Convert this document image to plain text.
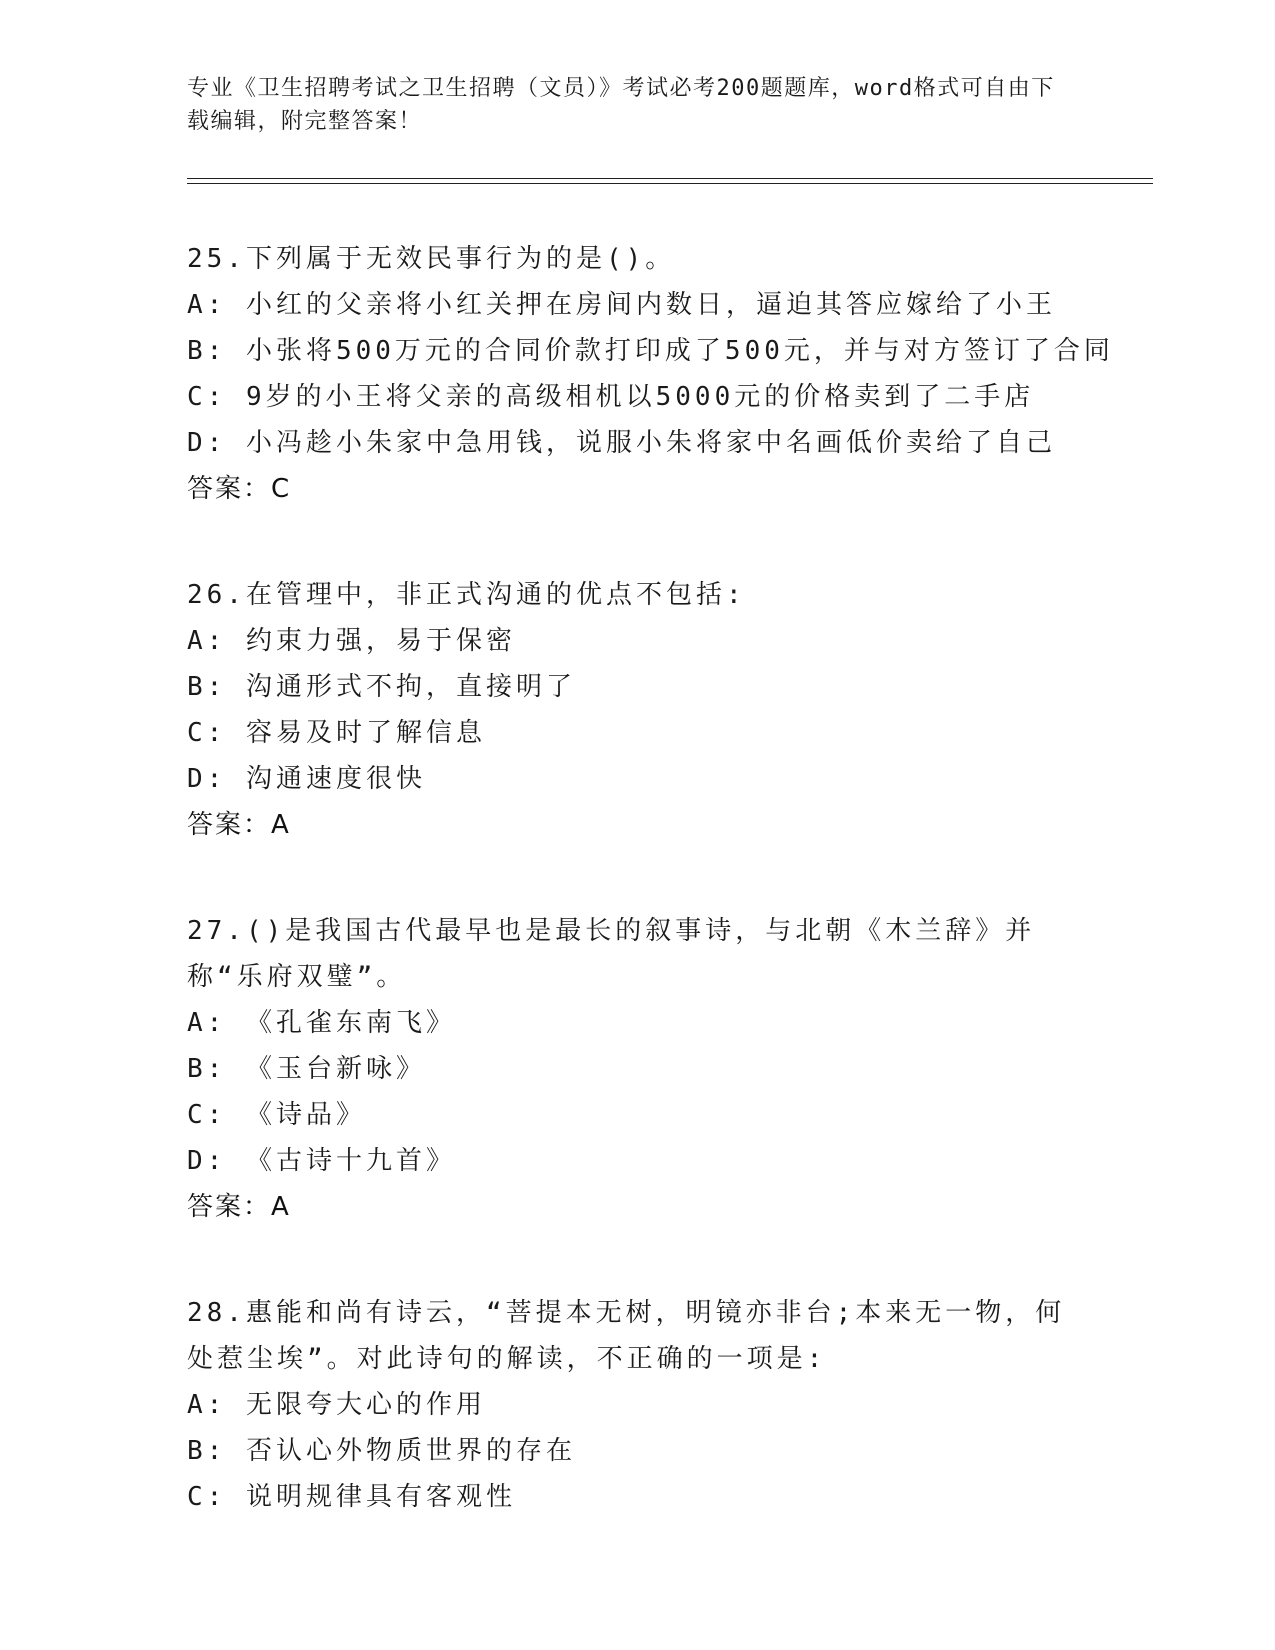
专业《卫生招聘考试之卫生招聘（文员）》考试必考200题题库，word格式可自由下载编辑，附完整答案！
25.下列属于无效民事行为的是()。
A: 小红的父亲将小红关押在房间内数日，逼迫其答应嫁给了小王
B: 小张将500万元的合同价款打印成了500元，并与对方签订了合同
C: 9岁的小王将父亲的高级相机以5000元的价格卖到了二手店
D: 小冯趁小朱家中急用钱，说服小朱将家中名画低价卖给了自己
答案：C
26.在管理中，非正式沟通的优点不包括:
A: 约束力强，易于保密
B: 沟通形式不拘，直接明了
C: 容易及时了解信息
D: 沟通速度很快
答案：A
27.()是我国古代最早也是最长的叙事诗，与北朝《木兰辞》并称“乐府双璧”。
A: 《孔雀东南飞》
B: 《玉台新咏》
C: 《诗品》
D: 《古诗十九首》
答案：A
28.惠能和尚有诗云，“菩提本无树，明镜亦非台;本来无一物，何处惹尘埃”。对此诗句的解读，不正确的一项是:
A: 无限夸大心的作用
B: 否认心外物质世界的存在
C: 说明规律具有客观性
